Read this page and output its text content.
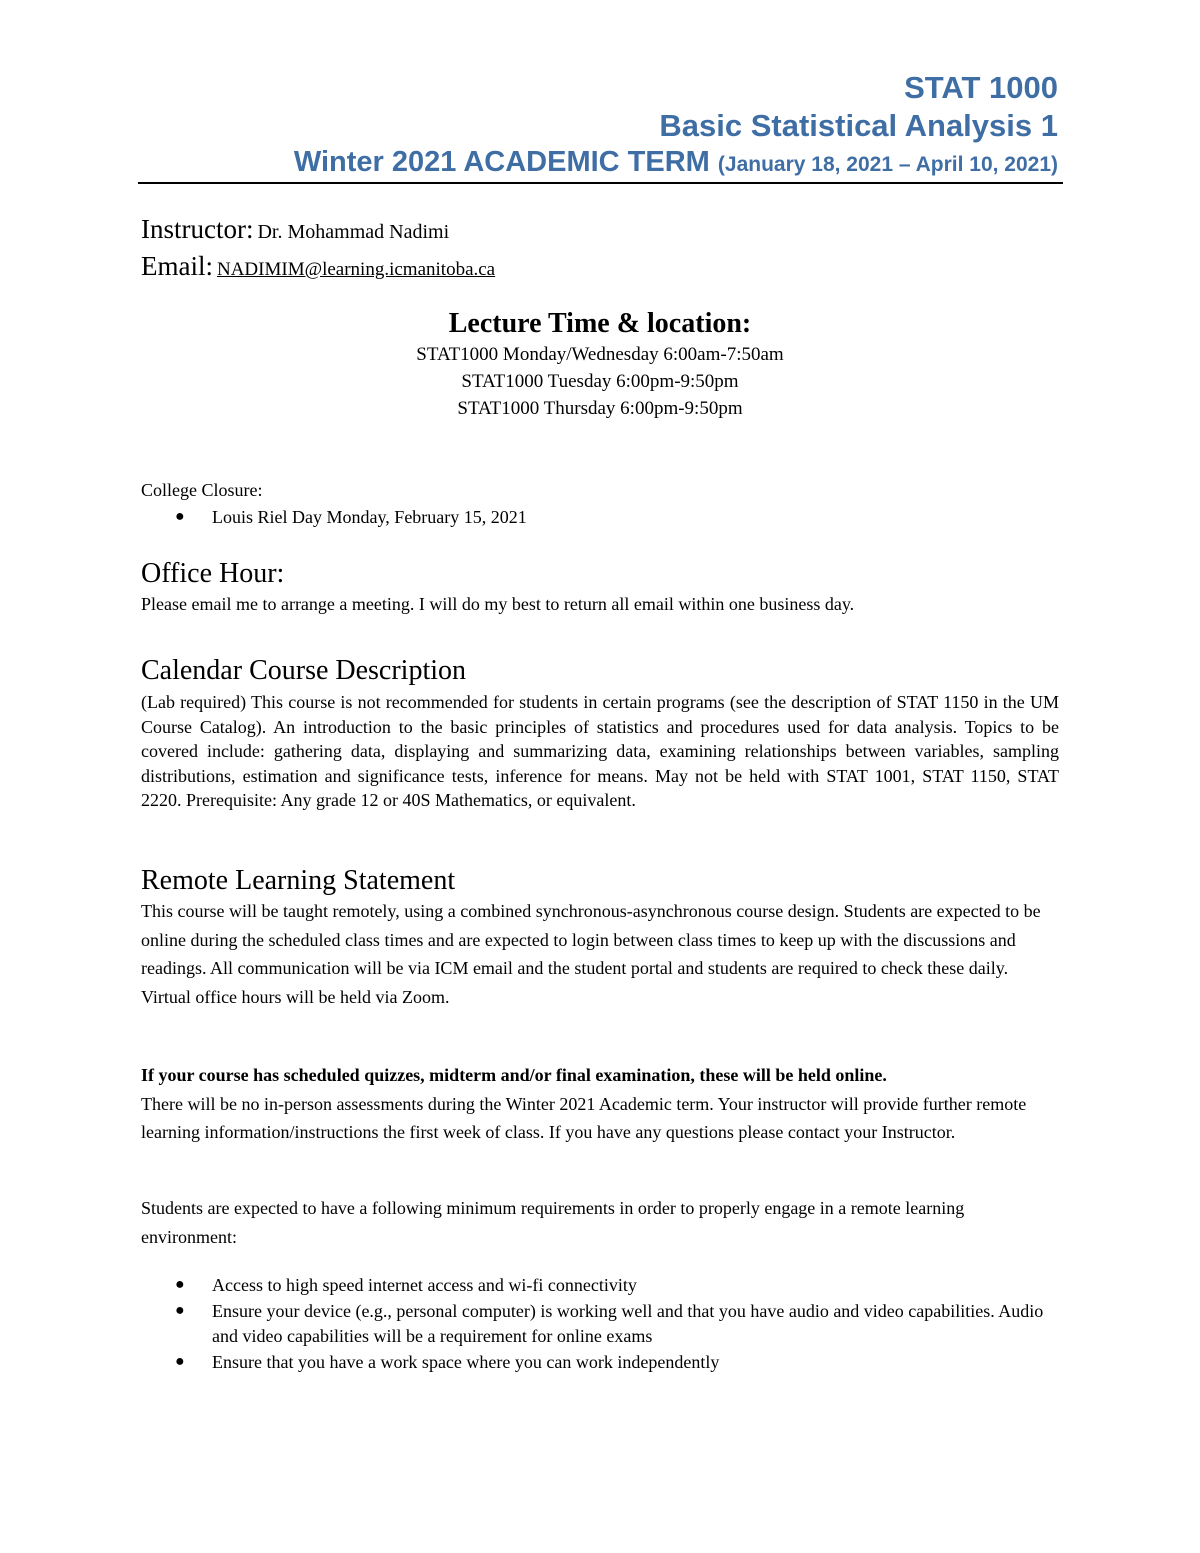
STAT 1000
Basic Statistical Analysis 1
Winter 2021 ACADEMIC TERM (January 18, 2021 – April 10, 2021)
Instructor: Dr. Mohammad Nadimi
Email: NADIMIM@learning.icmanitoba.ca
Lecture Time & location:
STAT1000 Monday/Wednesday 6:00am-7:50am
STAT1000 Tuesday 6:00pm-9:50pm
STAT1000 Thursday 6:00pm-9:50pm
College Closure:
● Louis Riel Day Monday, February 15, 2021
Office Hour:
Please email me to arrange a meeting. I will do my best to return all email within one business day.
Calendar Course Description
(Lab required) This course is not recommended for students in certain programs (see the description of STAT 1150 in the UM Course Catalog). An introduction to the basic principles of statistics and procedures used for data analysis. Topics to be covered include: gathering data, displaying and summarizing data, examining relationships between variables, sampling distributions, estimation and significance tests, inference for means. May not be held with STAT 1001, STAT 1150, STAT 2220. Prerequisite: Any grade 12 or 40S Mathematics, or equivalent.
Remote Learning Statement
This course will be taught remotely, using a combined synchronous-asynchronous course design. Students are expected to be online during the scheduled class times and are expected to login between class times to keep up with the discussions and readings. All communication will be via ICM email and the student portal and students are required to check these daily. Virtual office hours will be held via Zoom.
If your course has scheduled quizzes, midterm and/or final examination, these will be held online.
There will be no in-person assessments during the Winter 2021 Academic term. Your instructor will provide further remote learning information/instructions the first week of class. If you have any questions please contact your Instructor.
Students are expected to have a following minimum requirements in order to properly engage in a remote learning environment:
● Access to high speed internet access and wi-fi connectivity
● Ensure your device (e.g., personal computer) is working well and that you have audio and video capabilities. Audio and video capabilities will be a requirement for online exams
● Ensure that you have a work space where you can work independently
